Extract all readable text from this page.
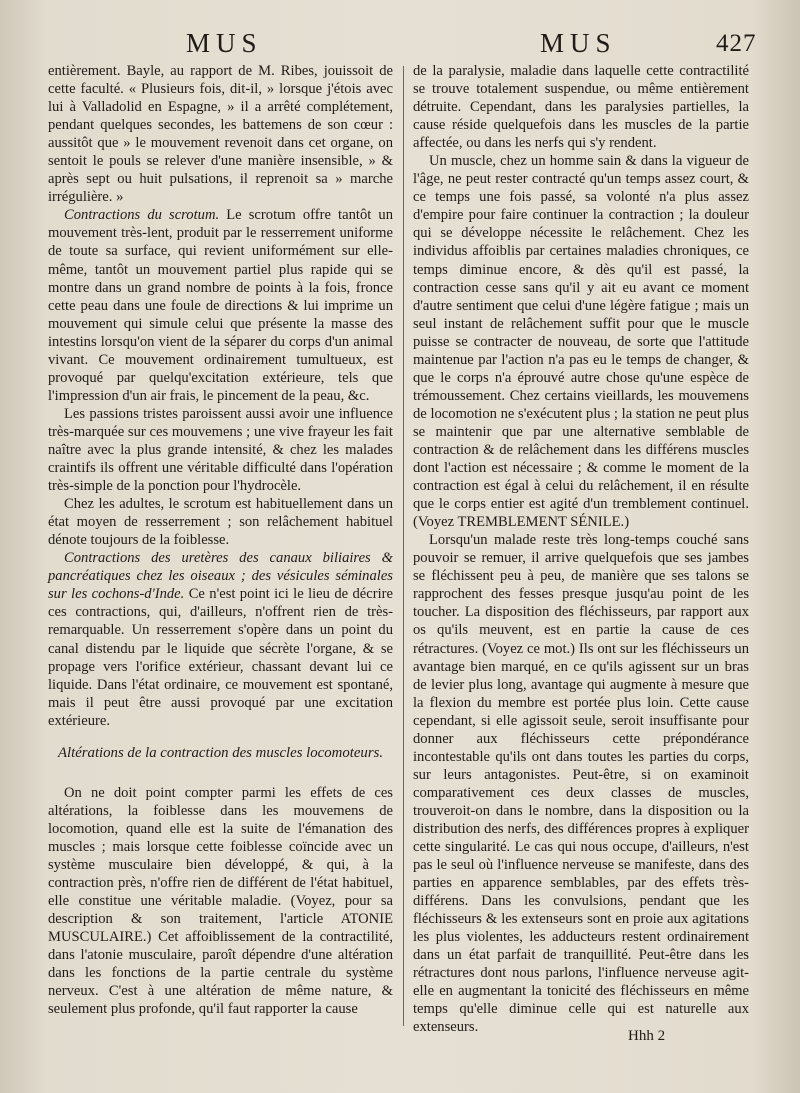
MUS	MUS	427

entièrement. Bayle, au rapport de M. Ribes, jouissoit de cette faculté. « Plusieurs fois, dit-il, » lorsque j'étois avec lui à Valladolid en Espagne, » il a arrêté complétement, pendant quelques secondes, les battemens de son cœur : aussitôt que » le mouvement revenoit dans cet organe, on sentoit le pouls se relever d'une manière insensible, » & après sept ou huit pulsations, il reprenoit sa » marche irrégulière. »

Contractions du scrotum. Le scrotum offre tantôt un mouvement très-lent, produit par le resserrement uniforme de toute sa surface, qui revient uniformément sur elle-même, tantôt un mouvement partiel plus rapide qui se montre dans un grand nombre de points à la fois, fronce cette peau dans une foule de directions & lui imprime un mouvement qui simule celui que présente la masse des intestins lorsqu'on vient de la séparer du corps d'un animal vivant. Ce mouvement ordinairement tumultueux, est provoqué par quelqu'excitation extérieure, tels que l'impression d'un air frais, le pincement de la peau, &c.

Les passions tristes paroissent aussi avoir une influence très-marquée sur ces mouvemens ; une vive frayeur les fait naître avec la plus grande intensité, & chez les malades craintifs ils offrent une véritable difficulté dans l'opération très-simple de la ponction pour l'hydrocèle.

Chez les adultes, le scrotum est habituellement dans un état moyen de resserrement ; son relâchement habituel dénote toujours de la foiblesse.

Contractions des uretères des canaux biliaires & pancréatiques chez les oiseaux ; des vésicules séminales sur les cochons-d'Inde. Ce n'est point ici le lieu de décrire ces contractions, qui, d'ailleurs, n'offrent rien de très-remarquable. Un resserrement s'opère dans un point du canal distendu par le liquide que sécrète l'organe, & se propage vers l'orifice extérieur, chassant devant lui ce liquide. Dans l'état ordinaire, ce mouvement est spontané, mais il peut être aussi provoqué par une excitation extérieure.

Altérations de la contraction des muscles locomoteurs.

On ne doit point compter parmi les effets de ces altérations, la foiblesse dans les mouvemens de locomotion, quand elle est la suite de l'émanation des muscles ; mais lorsque cette foiblesse coïncide avec un système musculaire bien développé, & qui, à la contraction près, n'offre rien de différent de l'état habituel, elle constitue une véritable maladie. (Voyez, pour sa description & son traitement, l'article ATONIE MUSCULAIRE.) Cet affoiblissement de la contractilité, dans l'atonie musculaire, paroît dépendre d'une altération dans les fonctions de la partie centrale du système nerveux. C'est à une altération de même nature, & seulement plus profonde, qu'il faut rapporter la cause

de la paralysie, maladie dans laquelle cette contractilité se trouve totalement suspendue, ou même entièrement détruite. Cependant, dans les paralysies partielles, la cause réside quelquefois dans les muscles de la partie affectée, ou dans les nerfs qui s'y rendent.

Un muscle, chez un homme sain & dans la vigueur de l'âge, ne peut rester contracté qu'un temps assez court, & ce temps une fois passé, sa volonté n'a plus assez d'empire pour faire continuer la contraction ; la douleur qui se développe nécessite le relâchement. Chez les individus affoiblis par certaines maladies chroniques, ce temps diminue encore, & dès qu'il est passé, la contraction cesse sans qu'il y ait eu avant ce moment d'autre sentiment que celui d'une légère fatigue ; mais un seul instant de relâchement suffit pour que le muscle puisse se contracter de nouveau, de sorte que l'attitude maintenue par l'action n'a pas eu le temps de changer, & que le corps n'a éprouvé autre chose qu'une espèce de trémoussement. Chez certains vieillards, les mouvemens de locomotion ne s'exécutent plus ; la station ne peut plus se maintenir que par une alternative semblable de contraction & de relâchement dans les différens muscles dont l'action est nécessaire ; & comme le moment de la contraction est égal à celui du relâchement, il en résulte que le corps entier est agité d'un tremblement continuel. (Voyez TREMBLEMENT SÉNILE.)

Lorsqu'un malade reste très long-temps couché sans pouvoir se remuer, il arrive quelquefois que ses jambes se fléchissent peu à peu, de manière que ses talons se rapprochent des fesses presque jusqu'au point de les toucher. La disposition des fléchisseurs, par rapport aux os qu'ils meuvent, est en partie la cause de ces rétractures. (Voyez ce mot.) Ils ont sur les fléchisseurs un avantage bien marqué, en ce qu'ils agissent sur un bras de levier plus long, avantage qui augmente à mesure que la flexion du membre est portée plus loin. Cette cause cependant, si elle agissoit seule, seroit insuffisante pour donner aux fléchisseurs cette prépondérance incontestable qu'ils ont dans toutes les parties du corps, sur leurs antagonistes. Peut-être, si on examinoit comparativement ces deux classes de muscles, trouveroit-on dans le nombre, dans la disposition ou la distribution des nerfs, des différences propres à expliquer cette singularité. Le cas qui nous occupe, d'ailleurs, n'est pas le seul où l'influence nerveuse se manifeste, dans des parties en apparence semblables, par des effets très-différens. Dans les convulsions, pendant que les fléchisseurs & les extenseurs sont en proie aux agitations les plus violentes, les adducteurs restent ordinairement dans un état parfait de tranquillité. Peut-être dans les rétractures dont nous parlons, l'influence nerveuse agit-elle en augmentant la tonicité des fléchisseurs en même temps qu'elle diminue celle qui est naturelle aux extenseurs.

Hhh 2
